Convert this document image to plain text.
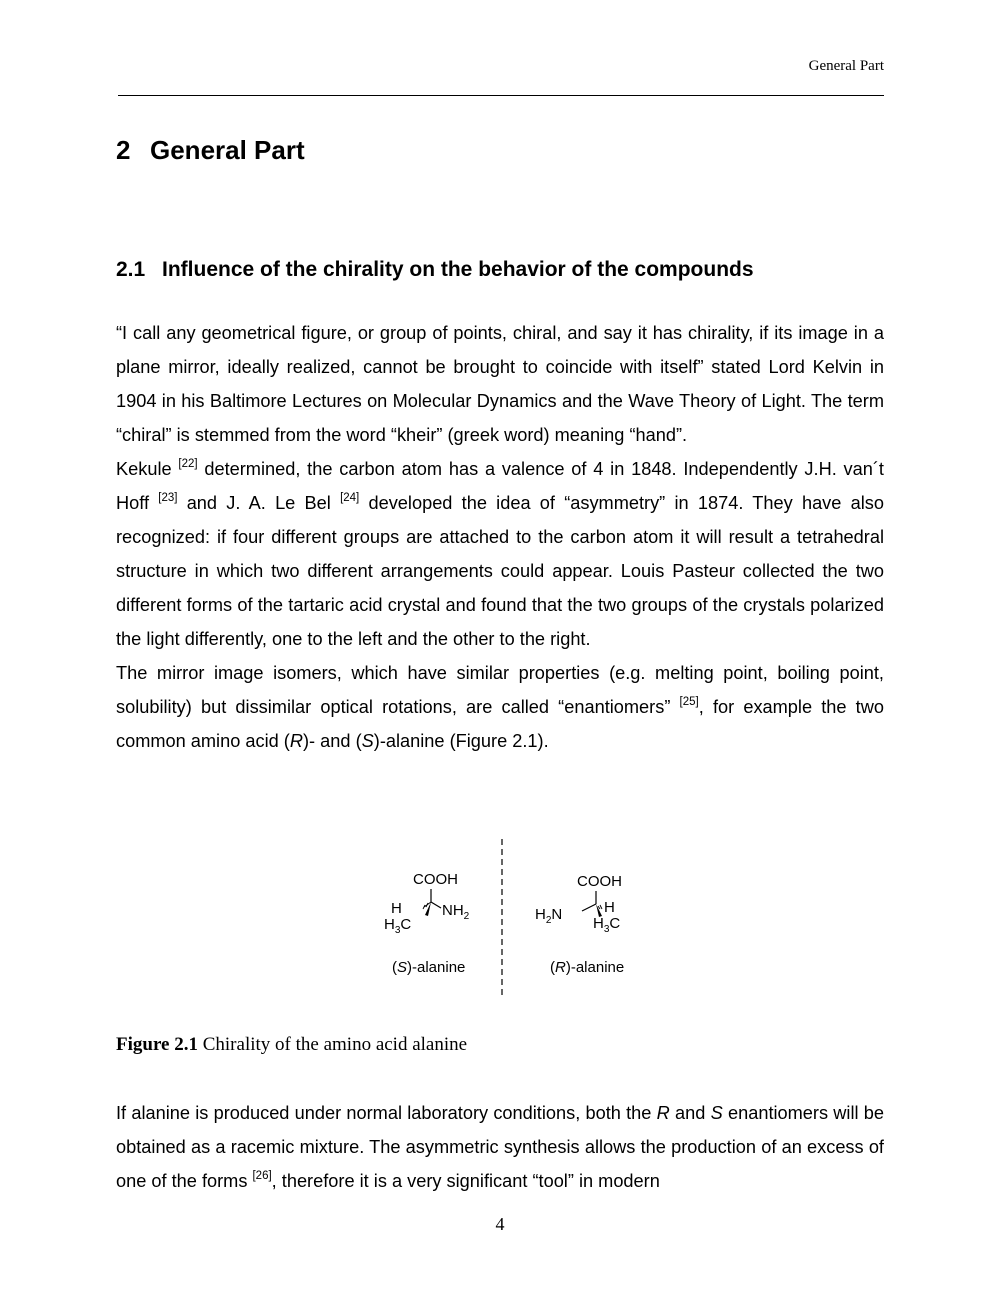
General Part
2 General Part
2.1 Influence of the chirality on the behavior of the compounds

“I call any geometrical figure, or group of points, chiral, and say it has chirality, if its image in a plane mirror, ideally realized, cannot be brought to coincide with itself” stated Lord Kelvin in 1904 in his Baltimore Lectures on Molecular Dynamics and the Wave Theory of Light. The term “chiral” is stemmed from the word “kheir” (greek word) meaning “hand”.

Kekule [22] determined, the carbon atom has a valence of 4 in 1848. Independently J.H. van´t Hoff [23] and J. A. Le Bel [24] developed the idea of “asymmetry” in 1874. They have also recognized: if four different groups are attached to the carbon atom it will result a tetrahedral structure in which two different arrangements could appear. Louis Pasteur collected the two different forms of the tartaric acid crystal and found that the two groups of the crystals polarized the light differently, one to the left and the other to the right.

The mirror image isomers, which have similar properties (e.g. melting point, boiling point, solubility) but dissimilar optical rotations, are called “enantiomers” [25], for example the two common amino acid (R)- and (S)-alanine (Figure 2.1).

COOH
H	$NH_2$
$H_3C$
(S)-alanine
COOH
$H_2N$	H
$H_3C$
(R)-alanine
Figure 2.1 Chirality of the amino acid alanine

If alanine is produced under normal laboratory conditions, both the R and S enantiomers will be obtained as a racemic mixture. The asymmetric synthesis allows the production of an excess of one of the forms [26], therefore it is a very significant “tool” in modern

4
